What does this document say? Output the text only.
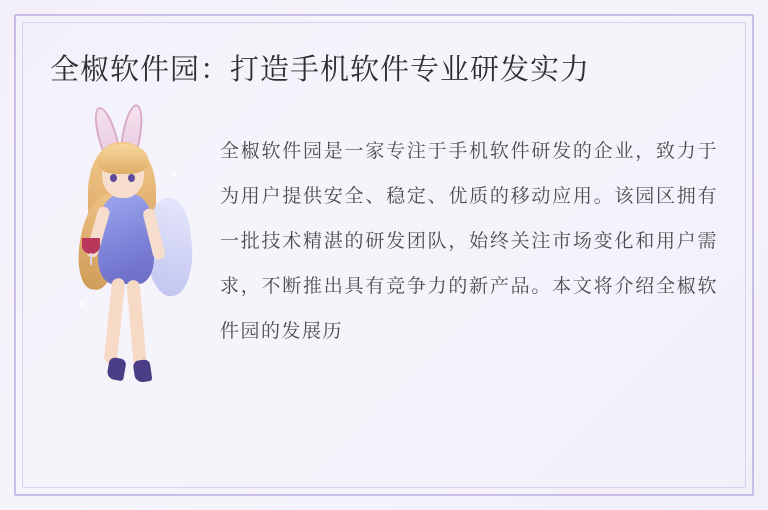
全椒软件园：打造手机软件专业研发实力

全椒软件园是一家专注于手机软件研发的企业，致力于为用户提供安全、稳定、优质的移动应用。该园区拥有一批技术精湛的研发团队，始终关注市场变化和用户需求，不断推出具有竞争力的新产品。本文将介绍全椒软件园的发展历
